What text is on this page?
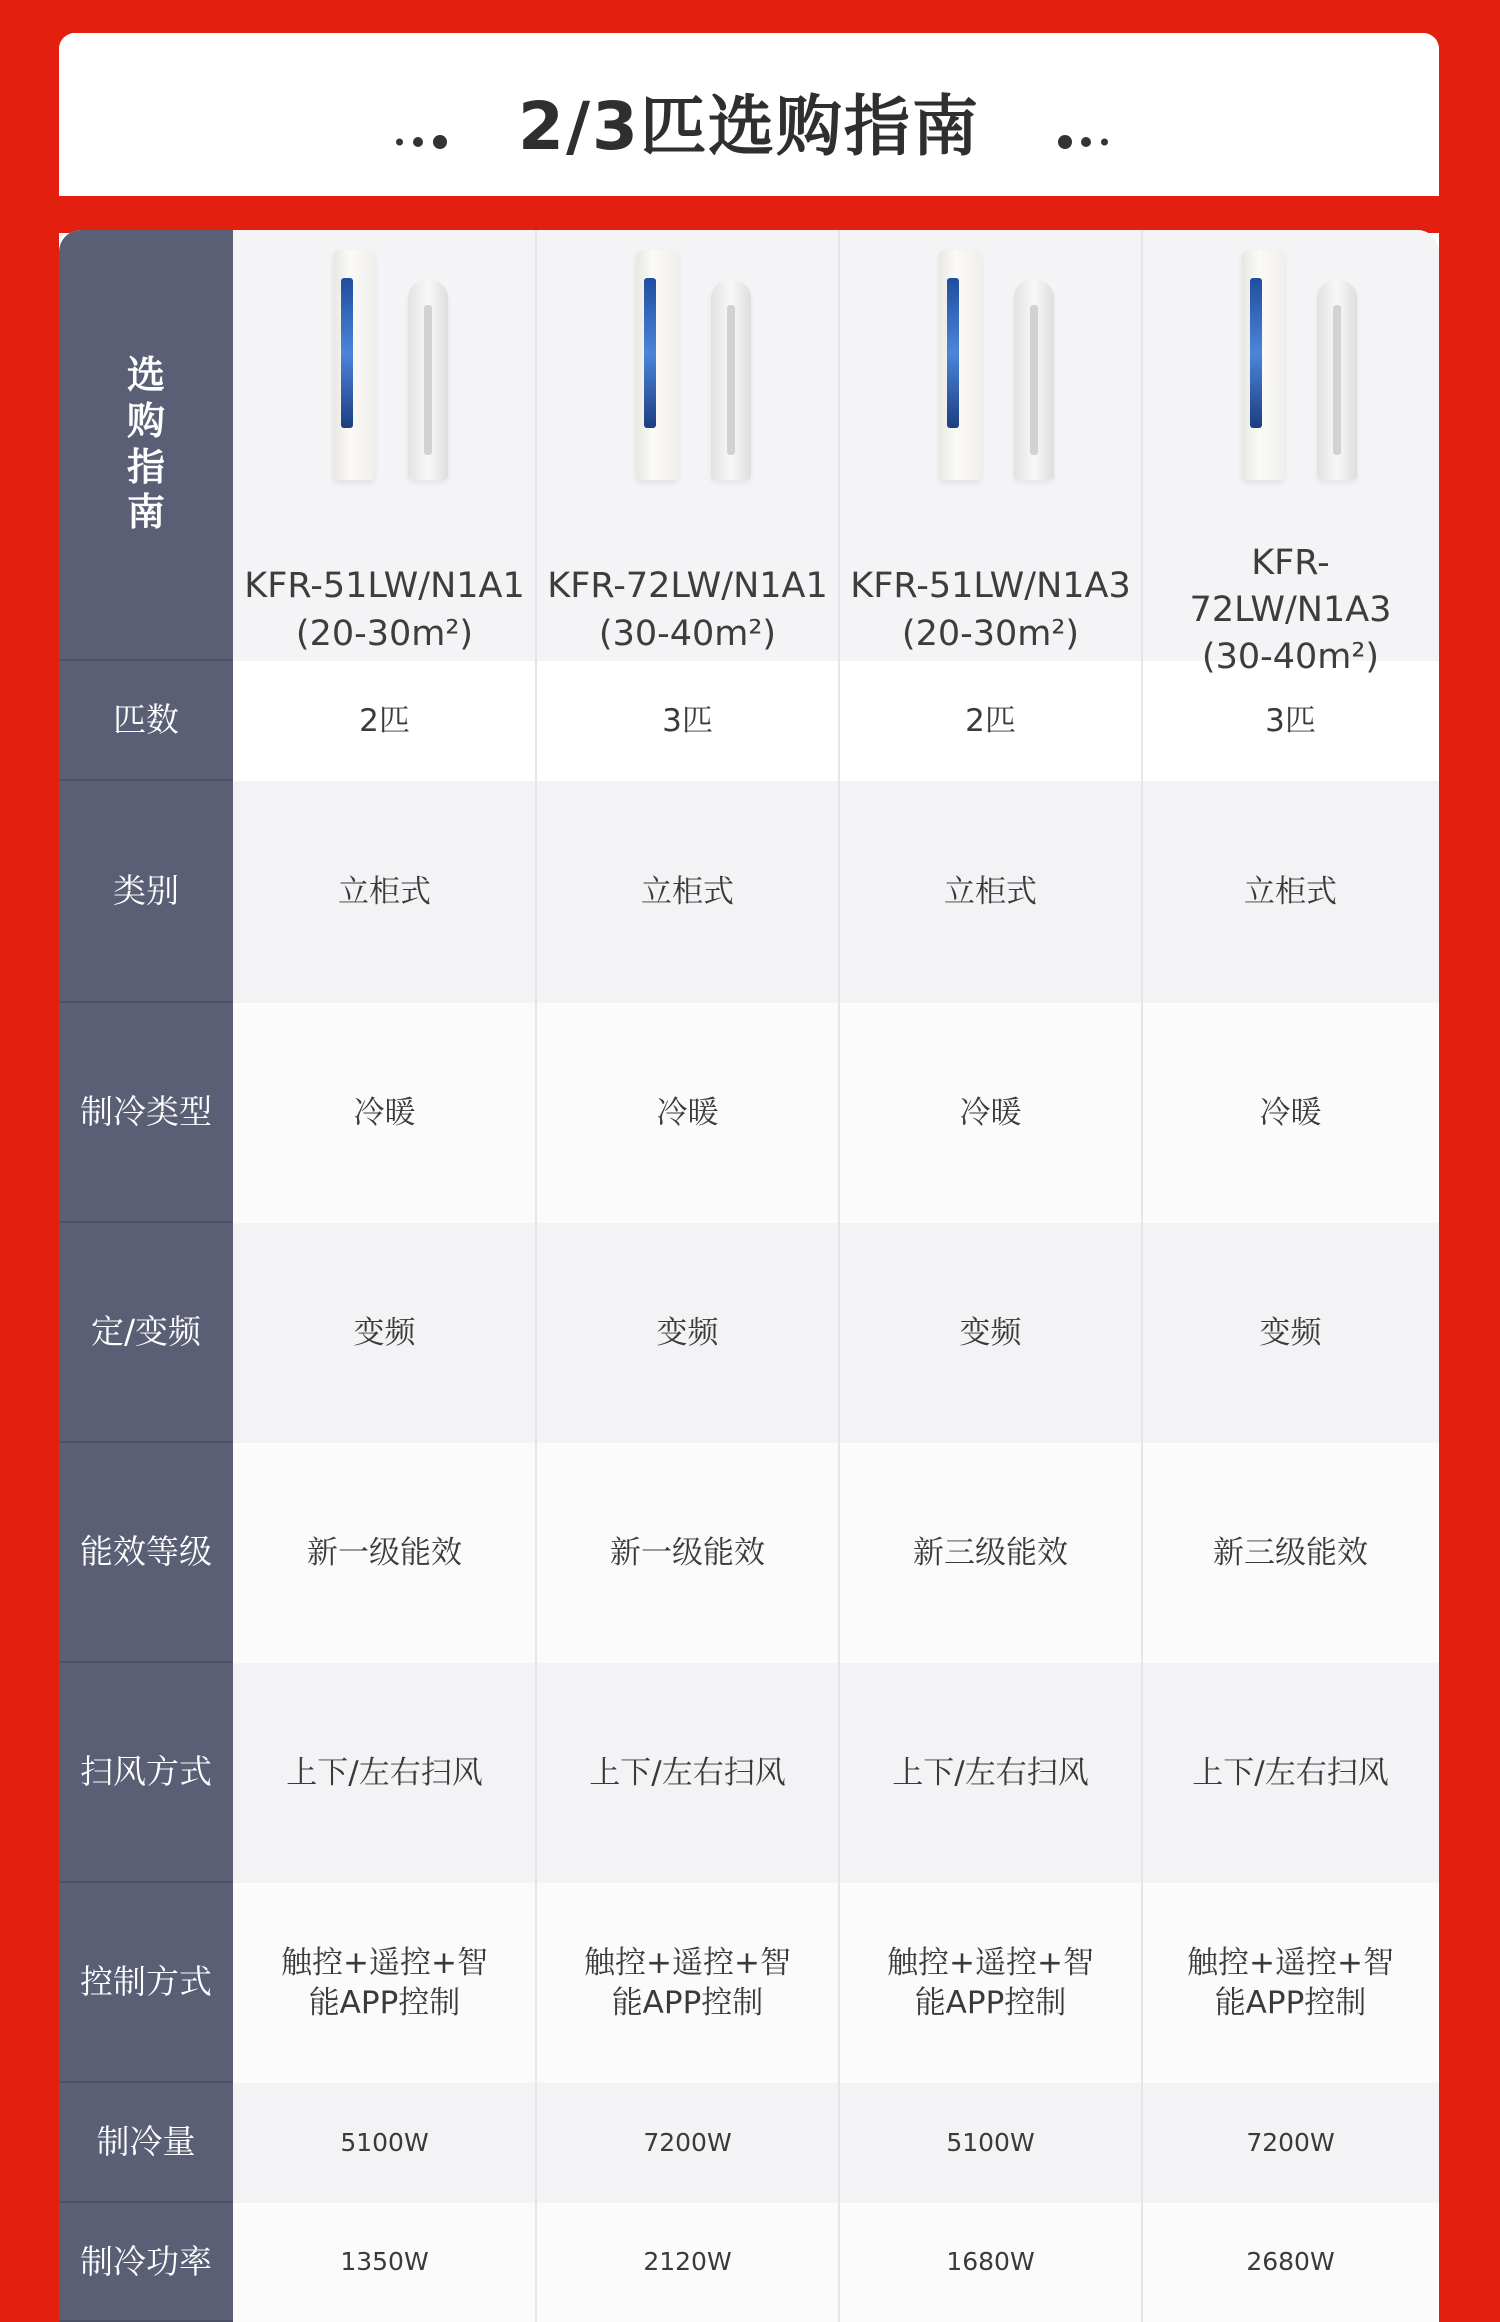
2/3匹选购指南
选购指南
匹数
类别
制冷类型
定/变频
能效等级
扫风方式
控制方式
制冷量
制冷功率
KFR-51LW/N1A1
(20-30m²)
2匹
立柜式
冷暖
变频
新一级能效
上下/左右扫风
触控+遥控+智能APP控制
5100W
1350W
KFR-72LW/N1A1
(30-40m²)
3匹
立柜式
冷暖
变频
新一级能效
上下/左右扫风
触控+遥控+智能APP控制
7200W
2120W
KFR-51LW/N1A3
(20-30m²)
2匹
立柜式
冷暖
变频
新三级能效
上下/左右扫风
触控+遥控+智能APP控制
5100W
1680W
KFR-72LW/N1A3
(30-40m²)
3匹
立柜式
冷暖
变频
新三级能效
上下/左右扫风
触控+遥控+智能APP控制
7200W
2680W
